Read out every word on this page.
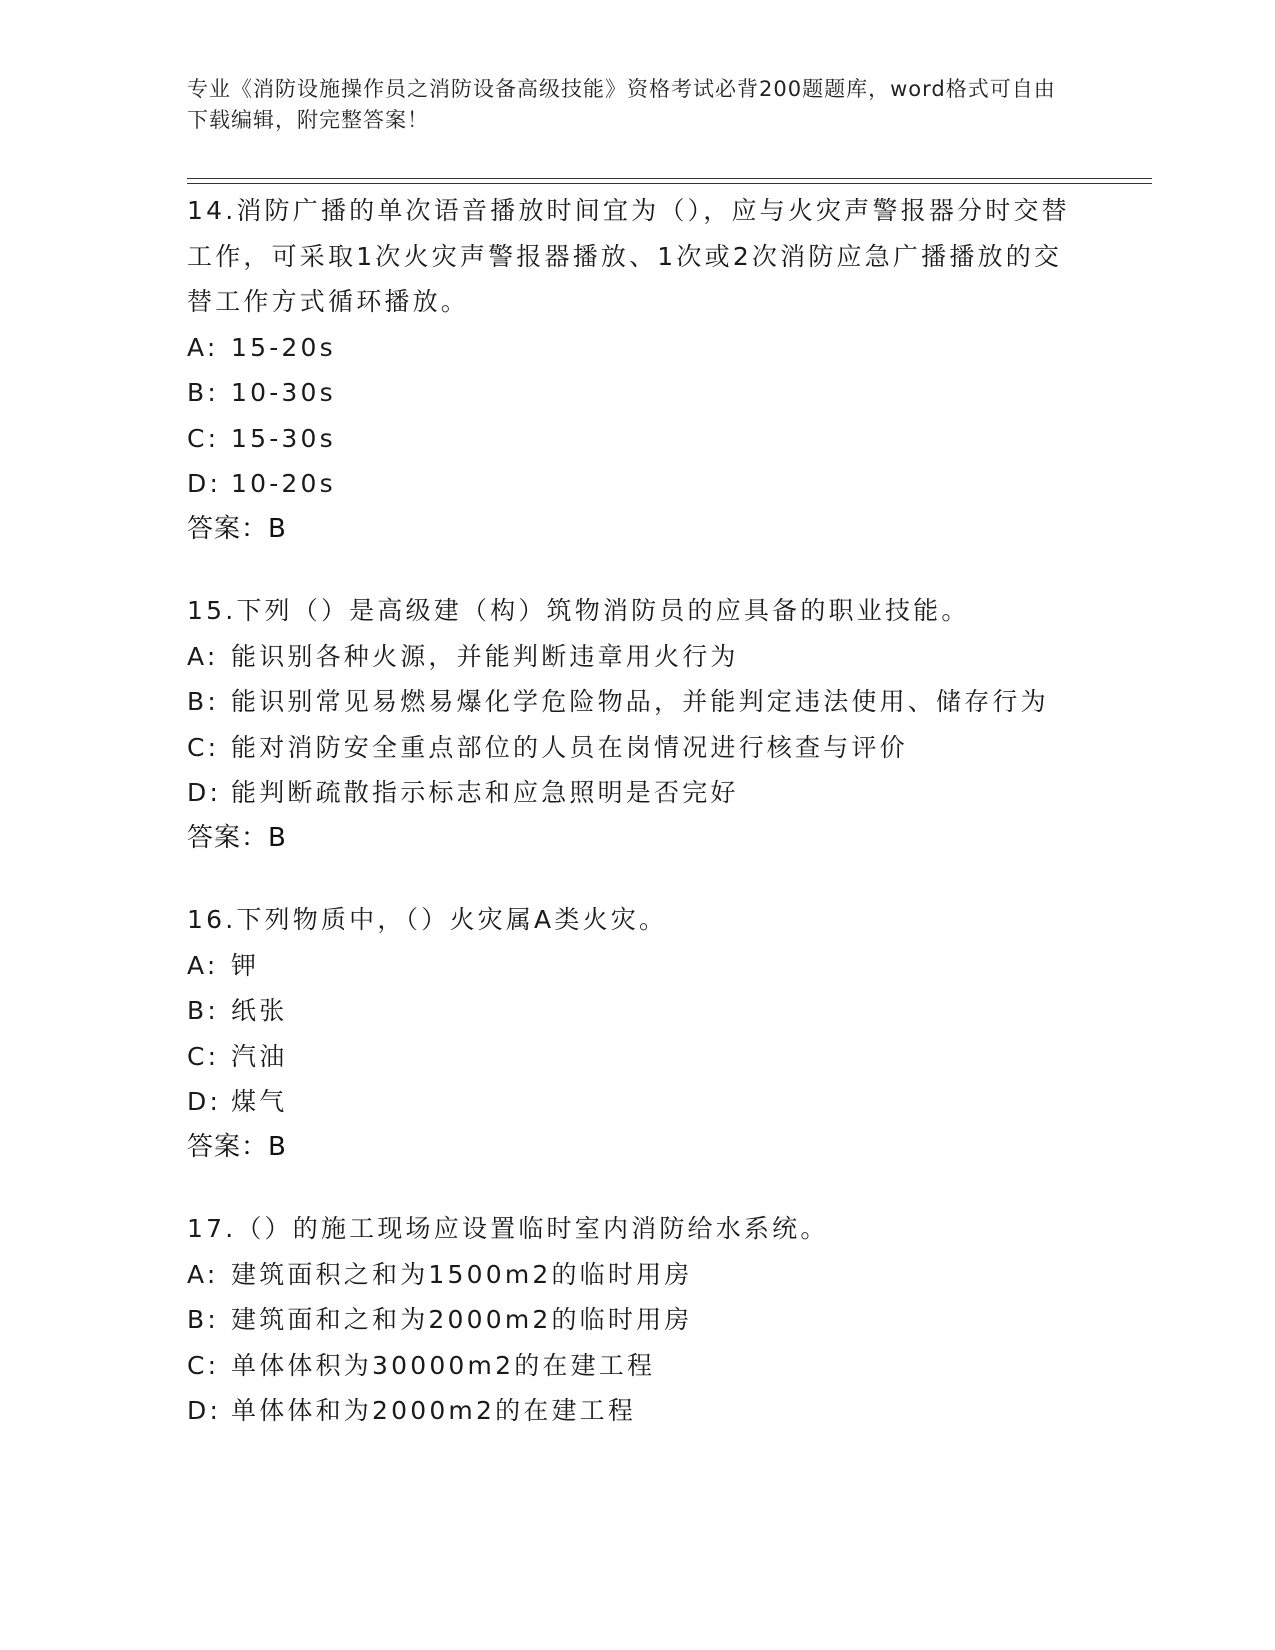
专业《消防设施操作员之消防设备高级技能》资格考试必背200题题库，word格式可自由下载编辑，附完整答案！

14.消防广播的单次语音播放时间宜为（），应与火灾声警报器分时交替工作，可采取1次火灾声警报器播放、1次或2次消防应急广播播放的交替工作方式循环播放。

A: 15-20s

B: 10-30s

C: 15-30s

D: 10-20s

答案：B

15.下列（）是高级建（构）筑物消防员的应具备的职业技能。

A: 能识别各种火源，并能判断违章用火行为

B: 能识别常见易燃易爆化学危险物品，并能判定违法使用、储存行为

C: 能对消防安全重点部位的人员在岗情况进行核查与评价

D: 能判断疏散指示标志和应急照明是否完好

答案：B

16.下列物质中，（）火灾属A类火灾。

A: 钾

B: 纸张

C: 汽油

D: 煤气

答案：B

17.（）的施工现场应设置临时室内消防给水系统。

A: 建筑面积之和为1500m2的临时用房

B: 建筑面和之和为2000m2的临时用房

C: 单体体积为30000m2的在建工程

D: 单体体和为2000m2的在建工程
